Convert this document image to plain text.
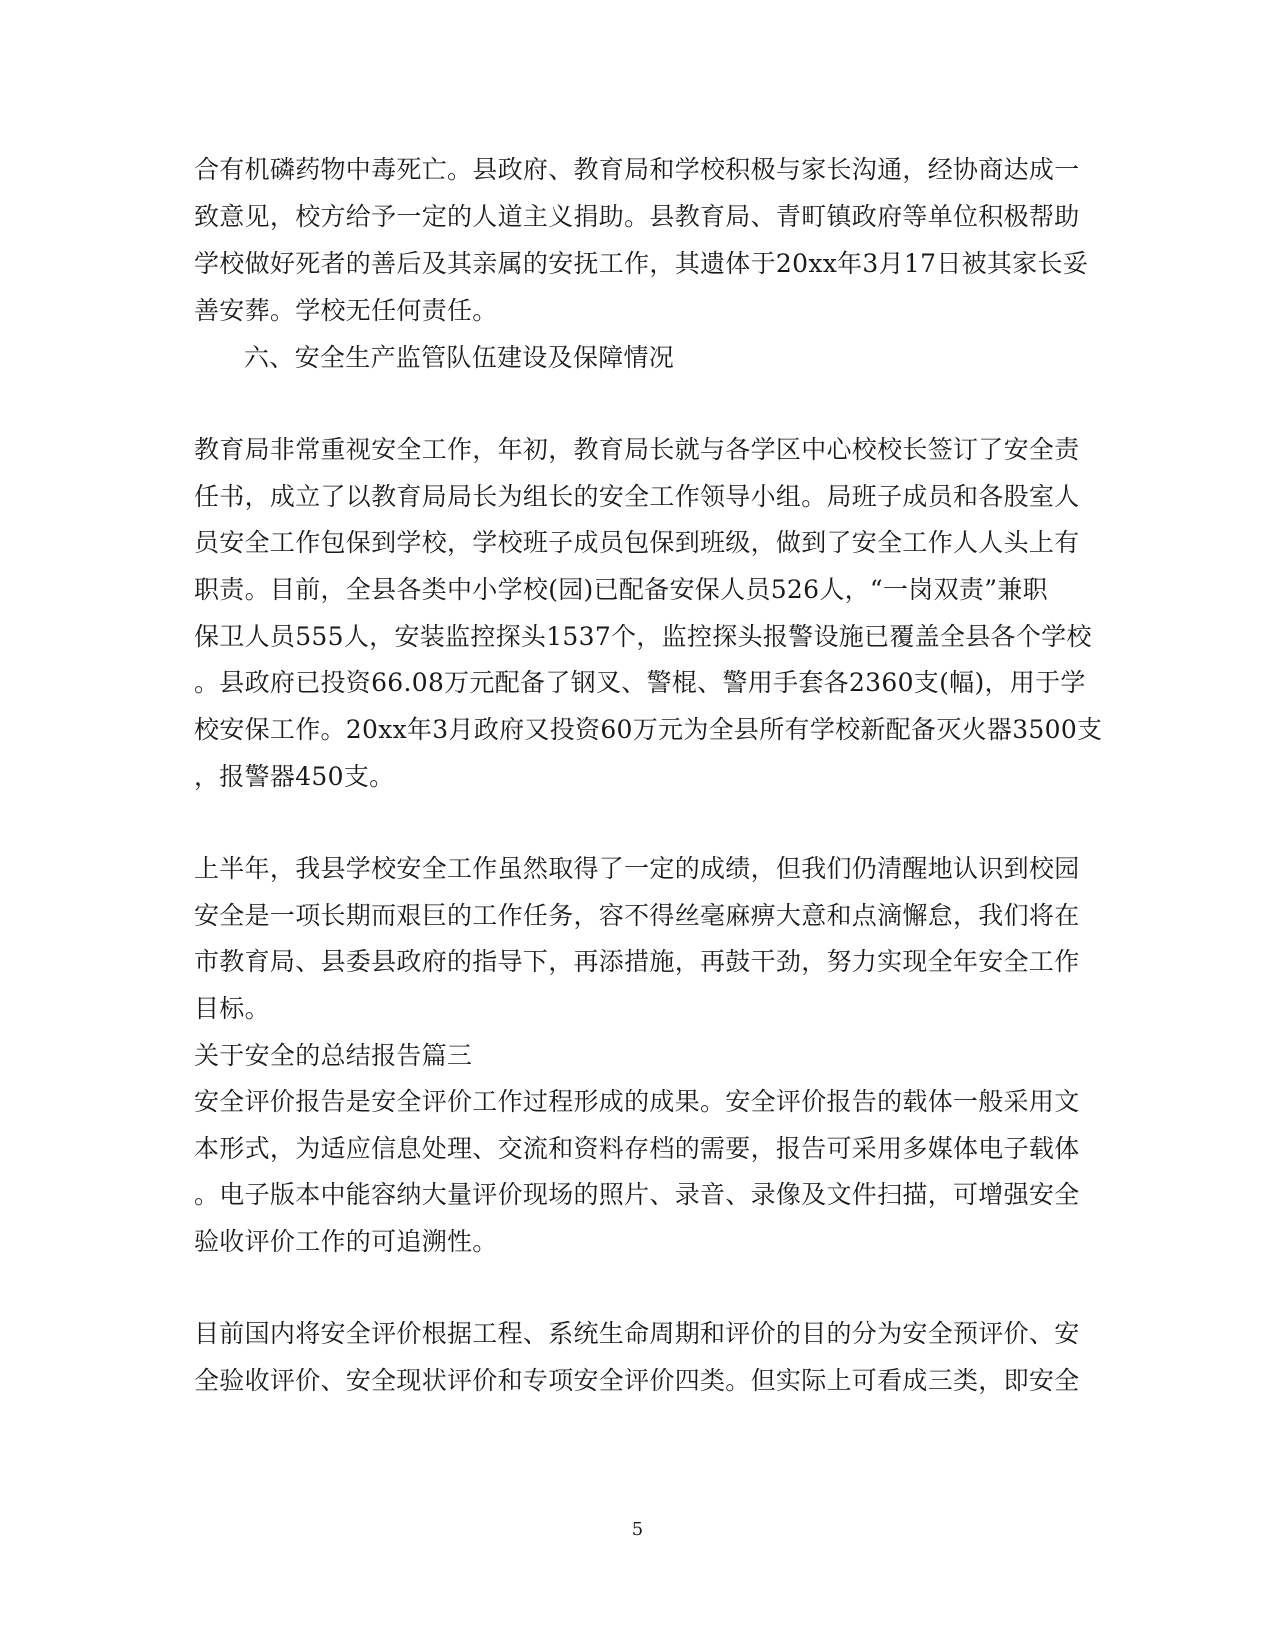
合有机磷药物中毒死亡。县政府、教育局和学校积极与家长沟通，经协商达成一
致意见，校方给予一定的人道主义捐助。县教育局、青町镇政府等单位积极帮助
学校做好死者的善后及其亲属的安抚工作，其遗体于20xx年3月17日被其家长妥
善安葬。学校无任何责任。
六、安全生产监管队伍建设及保障情况
教育局非常重视安全工作，年初，教育局长就与各学区中心校校长签订了安全责
任书，成立了以教育局局长为组长的安全工作领导小组。局班子成员和各股室人
员安全工作包保到学校，学校班子成员包保到班级，做到了安全工作人人头上有
职责。目前，全县各类中小学校(园)已配备安保人员526人，“一岗双责”兼职
保卫人员555人，安装监控探头1537个，监控探头报警设施已覆盖全县各个学校
。县政府已投资66.08万元配备了钢叉、警棍、警用手套各2360支(幅)，用于学
校安保工作。20xx年3月政府又投资60万元为全县所有学校新配备灭火器3500支
，报警器450支。
上半年，我县学校安全工作虽然取得了一定的成绩，但我们仍清醒地认识到校园
安全是一项长期而艰巨的工作任务，容不得丝毫麻痹大意和点滴懈怠，我们将在
市教育局、县委县政府的指导下，再添措施，再鼓干劲，努力实现全年安全工作
目标。
关于安全的总结报告篇三
安全评价报告是安全评价工作过程形成的成果。安全评价报告的载体一般采用文
本形式，为适应信息处理、交流和资料存档的需要，报告可采用多媒体电子载体
。电子版本中能容纳大量评价现场的照片、录音、录像及文件扫描，可增强安全
验收评价工作的可追溯性。
目前国内将安全评价根据工程、系统生命周期和评价的目的分为安全预评价、安
全验收评价、安全现状评价和专项安全评价四类。但实际上可看成三类，即安全
5
